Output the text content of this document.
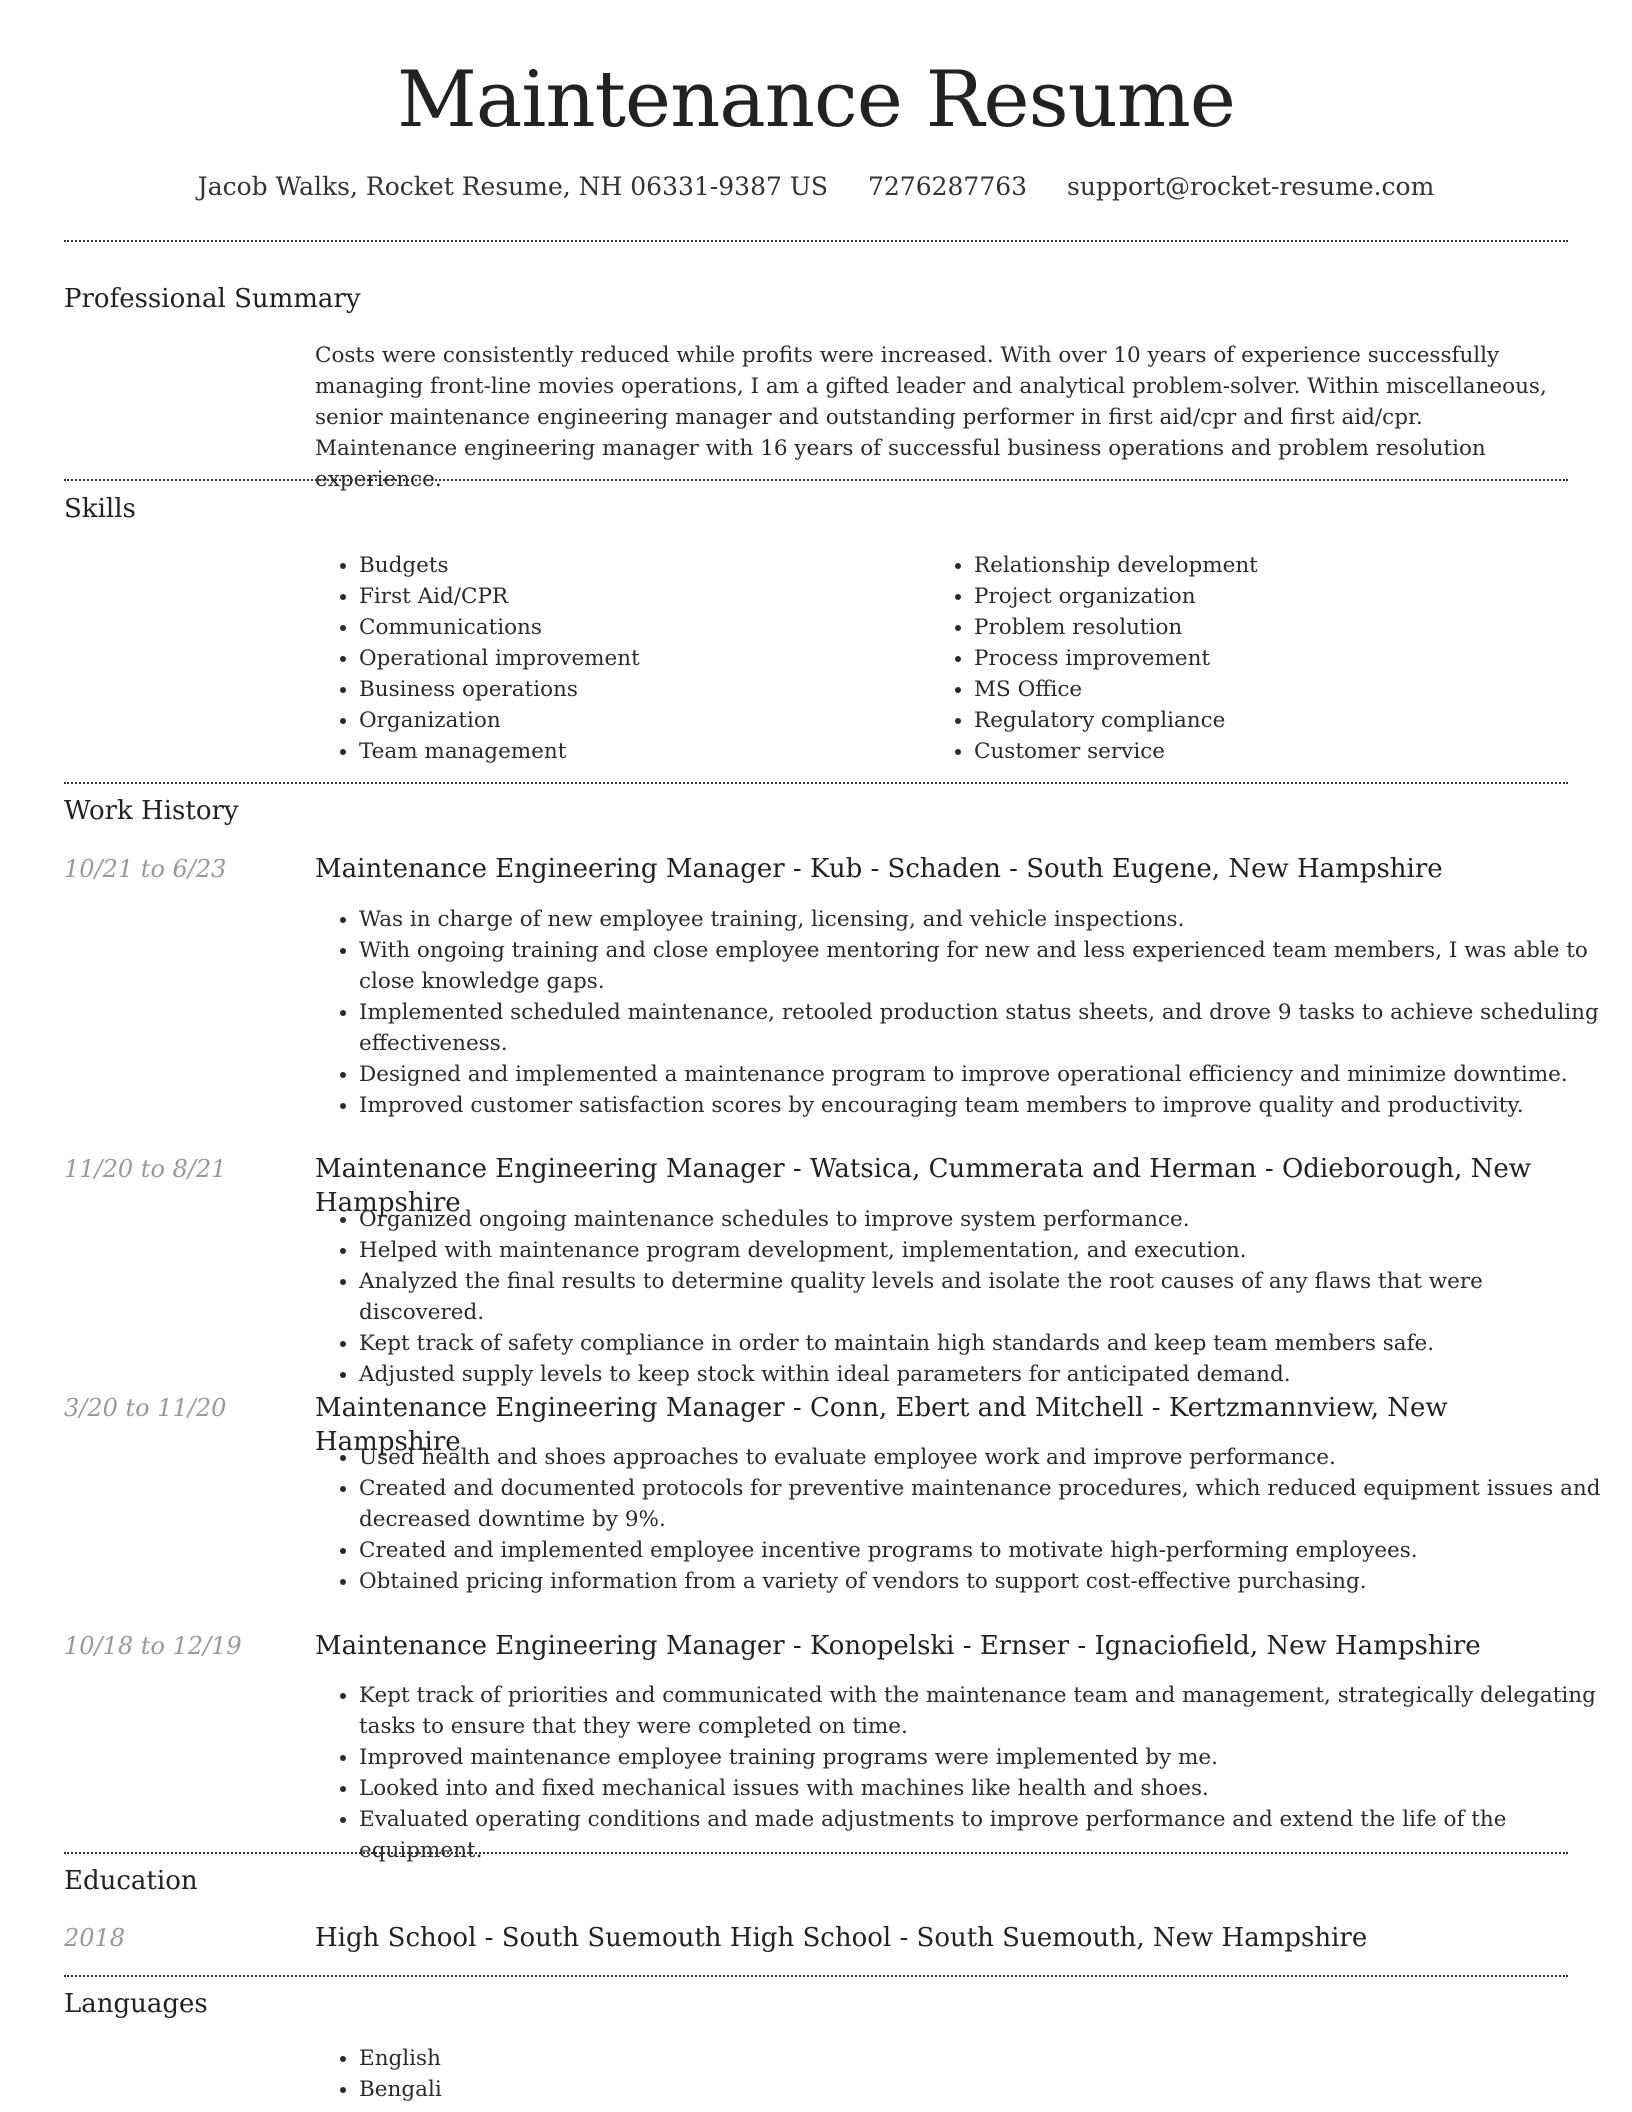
Maintenance Resume
Jacob Walks, Rocket Resume, NH 06331-9387 US 7276287763 support@rocket-resume.com
Professional Summary

Costs were consistently reduced while profits were increased. With over 10 years of experience successfully managing front-line movies operations, I am a gifted leader and analytical problem-solver. Within miscellaneous, senior maintenance engineering manager and outstanding performer in first aid/cpr and first aid/cpr. Maintenance engineering manager with 16 years of successful business operations and problem resolution experience.

Skills
• Budgets
• First Aid/CPR
• Communications
• Operational improvement
• Business operations
• Organization
• Team management
• Relationship development
• Project organization
• Problem resolution
• Process improvement
• MS Office
• Regulatory compliance
• Customer service
Work History
10/21 to 6/23	Maintenance Engineering Manager - Kub - Schaden - South Eugene, New Hampshire
• Was in charge of new employee training, licensing, and vehicle inspections.
• With ongoing training and close employee mentoring for new and less experienced team members, I was able to close knowledge gaps.
• Implemented scheduled maintenance, retooled production status sheets, and drove 9 tasks to achieve scheduling effectiveness.
• Designed and implemented a maintenance program to improve operational efficiency and minimize downtime.
• Improved customer satisfaction scores by encouraging team members to improve quality and productivity.
11/20 to 8/21	Maintenance Engineering Manager - Watsica, Cummerata and Herman - Odieborough, New Hampshire
• Organized ongoing maintenance schedules to improve system performance.
• Helped with maintenance program development, implementation, and execution.
• Analyzed the final results to determine quality levels and isolate the root causes of any flaws that were discovered.
• Kept track of safety compliance in order to maintain high standards and keep team members safe.
• Adjusted supply levels to keep stock within ideal parameters for anticipated demand.
3/20 to 11/20	Maintenance Engineering Manager - Conn, Ebert and Mitchell - Kertzmannview, New Hampshire
• Used health and shoes approaches to evaluate employee work and improve performance.
• Created and documented protocols for preventive maintenance procedures, which reduced equipment issues and decreased downtime by 9%.
• Created and implemented employee incentive programs to motivate high-performing employees.
• Obtained pricing information from a variety of vendors to support cost-effective purchasing.
10/18 to 12/19	Maintenance Engineering Manager - Konopelski - Ernser - Ignaciofield, New Hampshire
• Kept track of priorities and communicated with the maintenance team and management, strategically delegating tasks to ensure that they were completed on time.
• Improved maintenance employee training programs were implemented by me.
• Looked into and fixed mechanical issues with machines like health and shoes.
• Evaluated operating conditions and made adjustments to improve performance and extend the life of the equipment.
Education
2018	High School - South Suemouth High School - South Suemouth, New Hampshire
Languages
• English
• Bengali
